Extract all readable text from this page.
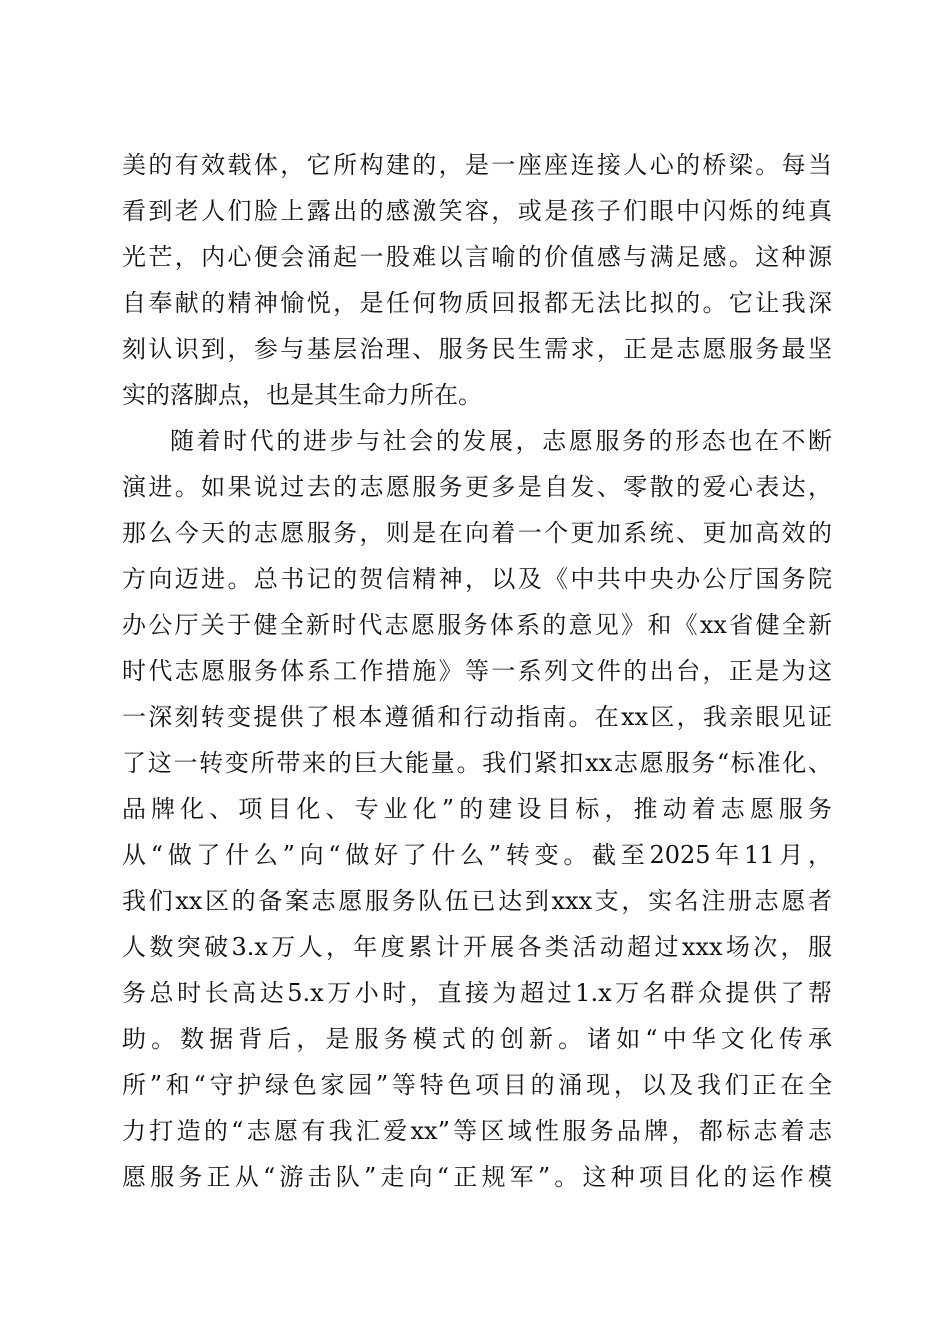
美的有效载体，它所构建的，是一座座连接人心的桥梁。每当
看到老人们脸上露出的感激笑容，或是孩子们眼中闪烁的纯真
光芒，内心便会涌起一股难以言喻的价值感与满足感。这种源
自奉献的精神愉悦，是任何物质回报都无法比拟的。它让我深
刻认识到，参与基层治理、服务民生需求，正是志愿服务最坚
实的落脚点，也是其生命力所在。
随着时代的进步与社会的发展，志愿服务的形态也在不断
演进。如果说过去的志愿服务更多是自发、零散的爱心表达，
那么今天的志愿服务，则是在向着一个更加系统、更加高效的
方向迈进。总书记的贺信精神，以及《中共中央办公厅国务院
办公厅关于健全新时代志愿服务体系的意见》和《xx省健全新
时代志愿服务体系工作措施》等一系列文件的出台，正是为这
一深刻转变提供了根本遵循和行动指南。在xx区，我亲眼见证
了这一转变所带来的巨大能量。我们紧扣xx志愿服务“标准化、
品牌化、项目化、专业化”的建设目标，推动着志愿服务
从“做了什么”向“做好了什么”转变。截至2025年11月，
我们xx区的备案志愿服务队伍已达到xxx支，实名注册志愿者
人数突破3.x万人，年度累计开展各类活动超过xxx场次，服
务总时长高达5.x万小时，直接为超过1.x万名群众提供了帮
助。数据背后，是服务模式的创新。诸如“中华文化传承
所”和“守护绿色家园”等特色项目的涌现，以及我们正在全
力打造的“志愿有我汇爱xx”等区域性服务品牌，都标志着志
愿服务正从“游击队”走向“正规军”。这种项目化的运作模
